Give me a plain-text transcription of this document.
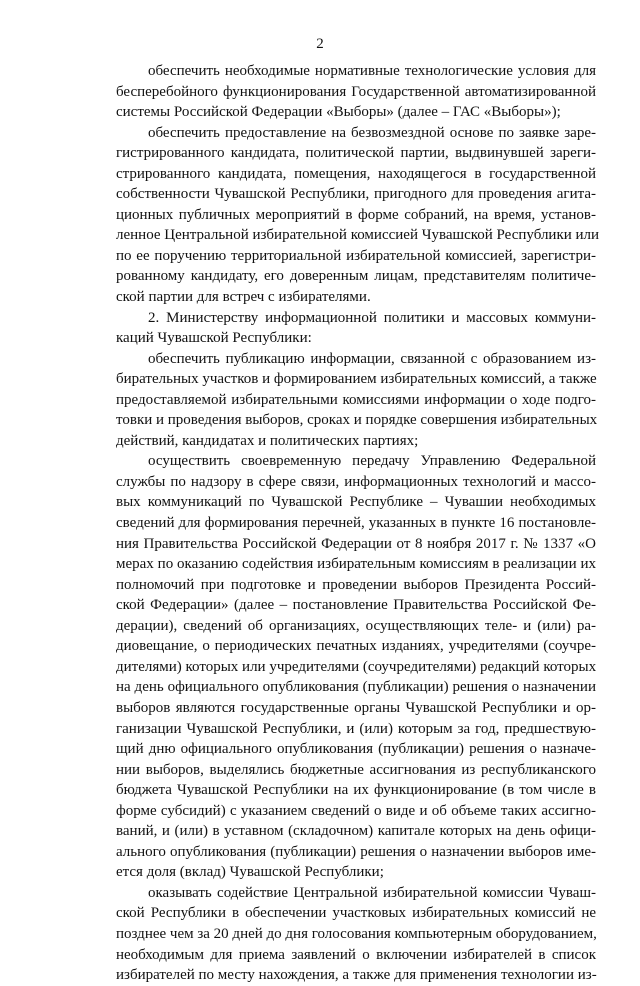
2
обеспечить необходимые нормативные технологические условия для
бесперебойного функционирования Государственной автоматизированной
системы Российской Федерации «Выборы» (далее – ГАС «Выборы»);
обеспечить предоставление на безвозмездной основе по заявке заре-
гистрированного кандидата, политической партии, выдвинувшей зареги-
стрированного кандидата, помещения, находящегося в государственной
собственности Чувашской Республики, пригодного для проведения агита-
ционных публичных мероприятий в форме собраний, на время, установ-
ленное Центральной избирательной комиссией Чувашской Республики или
по ее поручению территориальной избирательной комиссией, зарегистри-
рованному кандидату, его доверенным лицам, представителям политиче-
ской партии для встреч с избирателями.
2. Министерству информационной политики и массовых коммуни-
каций Чувашской Республики:
обеспечить публикацию информации, связанной с образованием из-
бирательных участков и формированием избирательных комиссий, а также
предоставляемой избирательными комиссиями информации о ходе подго-
товки и проведения выборов, сроках и порядке совершения избирательных
действий, кандидатах и политических партиях;
осуществить своевременную передачу Управлению Федеральной
службы по надзору в сфере связи, информационных технологий и массо-
вых коммуникаций по Чувашской Республике – Чувашии необходимых
сведений для формирования перечней, указанных в пункте 16 постановле-
ния Правительства Российской Федерации от 8 ноября 2017 г. № 1337 «О
мерах по оказанию содействия избирательным комиссиям в реализации их
полномочий при подготовке и проведении выборов Президента Россий-
ской Федерации» (далее – постановление Правительства Российской Фе-
дерации), сведений об организациях, осуществляющих теле- и (или) ра-
диовещание, о периодических печатных изданиях, учредителями (соучре-
дителями) которых или учредителями (соучредителями) редакций которых
на день официального опубликования (публикации) решения о назначении
выборов являются государственные органы Чувашской Республики и ор-
ганизации Чувашской Республики, и (или) которым за год, предшествую-
щий дню официального опубликования (публикации) решения о назначе-
нии выборов, выделялись бюджетные ассигнования из республиканского
бюджета Чувашской Республики на их функционирование (в том числе в
форме субсидий) с указанием сведений о виде и об объеме таких ассигно-
ваний, и (или) в уставном (складочном) капитале которых на день офици-
ального опубликования (публикации) решения о назначении выборов име-
ется доля (вклад) Чувашской Республики;
оказывать содействие Центральной избирательной комиссии Чуваш-
ской Республики в обеспечении участковых избирательных комиссий не
позднее чем за 20 дней до дня голосования компьютерным оборудованием,
необходимым для приема заявлений о включении избирателей в список
избирателей по месту нахождения, а также для применения технологии из-
